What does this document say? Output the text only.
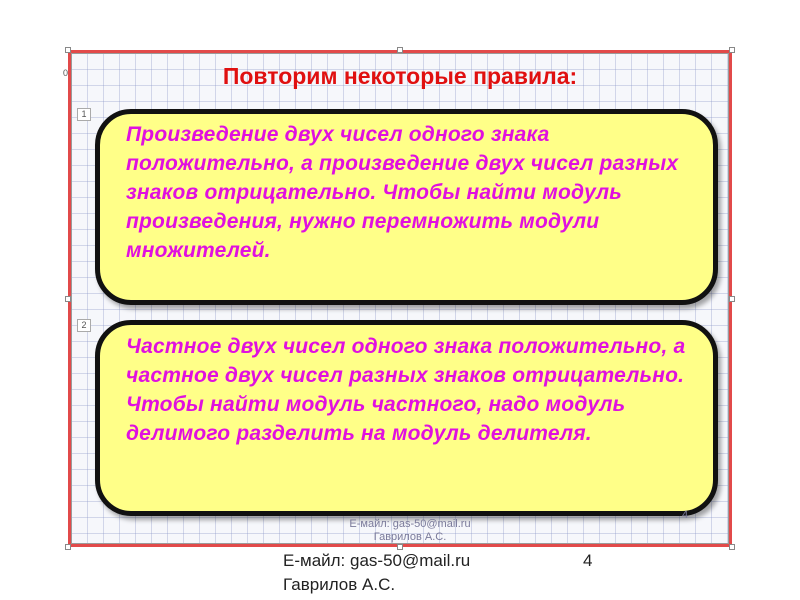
0	Повторим некоторые правила:
1
2
Произведение двух чисел одного знака положительно, а произведение двух чисел разных знаков отрицательно. Чтобы найти модуль произведения, нужно перемножить модули множителей.
Частное двух чисел одного знака положительно, а частное двух чисел разных знаков отрицательно. Чтобы найти модуль частного, надо модуль делимого разделить на модуль делителя.
Е-майл: gas-50@mail.ru
Гаврилов А.С.
4
Е-майл: gas-50@mail.ru
Гаврилов А.С.
4
